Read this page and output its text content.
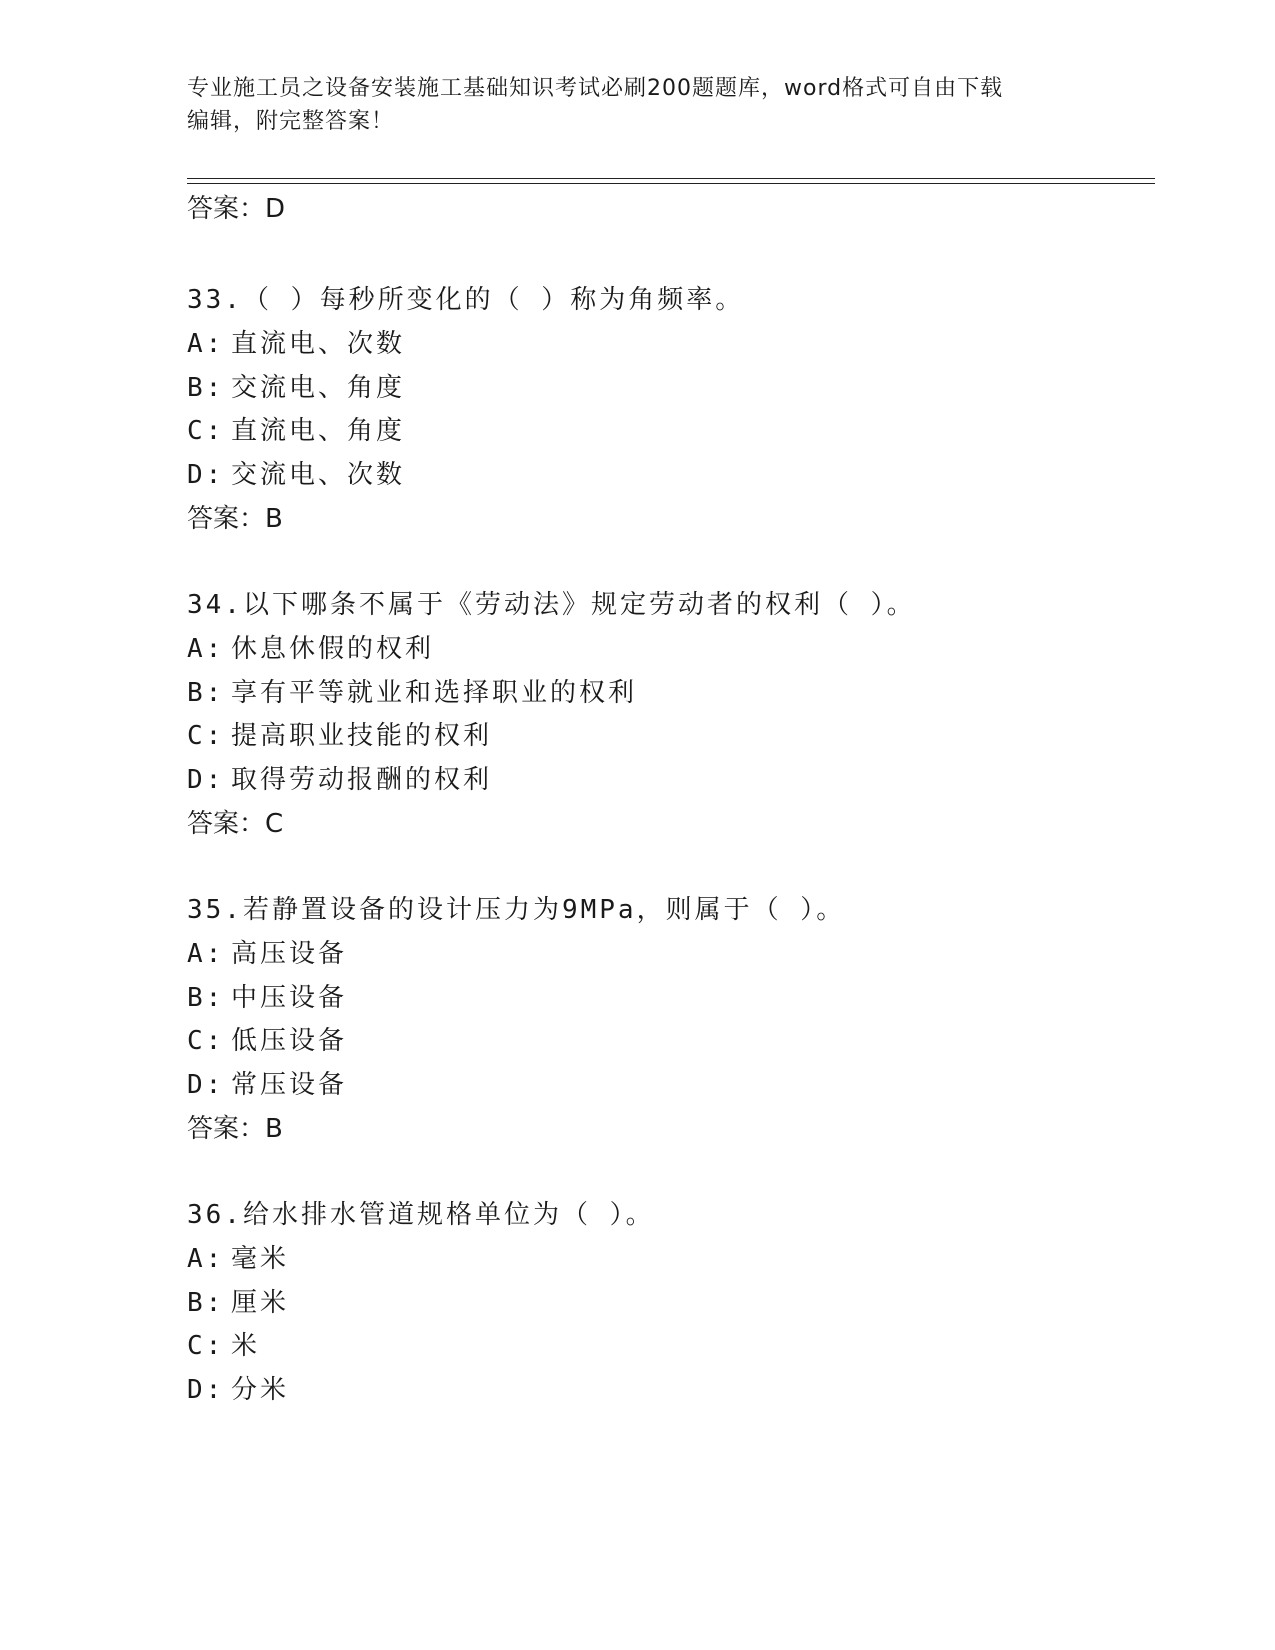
专业施工员之设备安装施工基础知识考试必刷200题题库，word格式可自由下载
编辑，附完整答案！
答案：D
33.（ ）每秒所变化的（ ）称为角频率。
A: 直流电、次数
B: 交流电、角度
C: 直流电、角度
D: 交流电、次数
答案：B
34.以下哪条不属于《劳动法》规定劳动者的权利（ ）。
A: 休息休假的权利
B: 享有平等就业和选择职业的权利
C: 提高职业技能的权利
D: 取得劳动报酬的权利
答案：C
35.若静置设备的设计压力为9MPa，则属于（ ）。
A: 高压设备
B: 中压设备
C: 低压设备
D: 常压设备
答案：B
36.给水排水管道规格单位为（ ）。
A: 毫米
B: 厘米
C: 米
D: 分米
